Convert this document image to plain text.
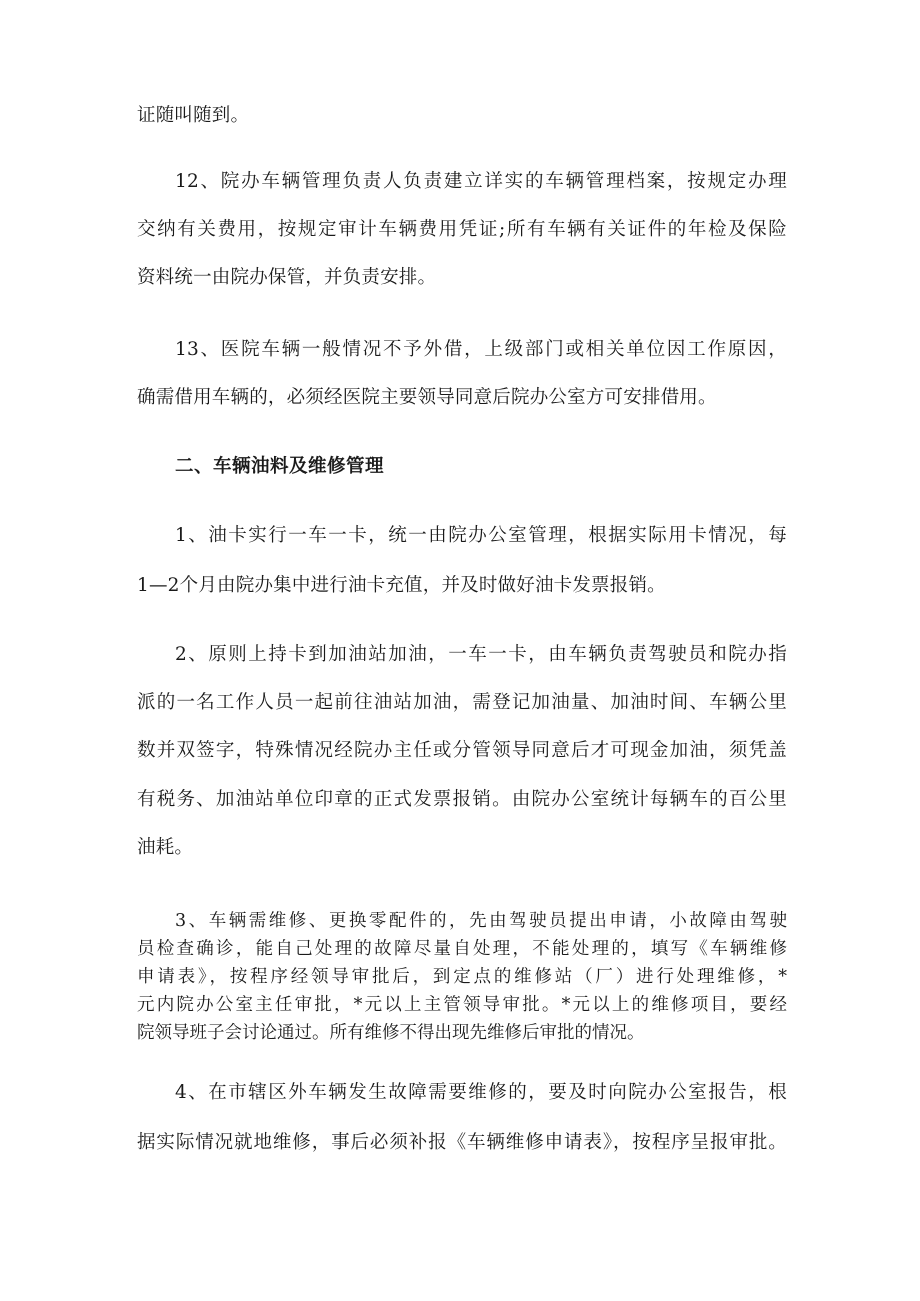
证随叫随到。
12、院办车辆管理负责人负责建立详实的车辆管理档案，按规定办理
交纳有关费用，按规定审计车辆费用凭证;所有车辆有关证件的年检及保险
资料统一由院办保管，并负责安排。
13、医院车辆一般情况不予外借，上级部门或相关单位因工作原因，
确需借用车辆的，必须经医院主要领导同意后院办公室方可安排借用。
二、车辆油料及维修管理
1、油卡实行一车一卡，统一由院办公室管理，根据实际用卡情况，每
1—2个月由院办集中进行油卡充值，并及时做好油卡发票报销。
2、原则上持卡到加油站加油，一车一卡，由车辆负责驾驶员和院办指
派的一名工作人员一起前往油站加油，需登记加油量、加油时间、车辆公里
数并双签字，特殊情况经院办主任或分管领导同意后才可现金加油，须凭盖
有税务、加油站单位印章的正式发票报销。由院办公室统计每辆车的百公里
油耗。
3、车辆需维修、更换零配件的，先由驾驶员提出申请，小故障由驾驶
员检查确诊，能自己处理的故障尽量自处理，不能处理的，填写《车辆维修
申请表》，按程序经领导审批后，到定点的维修站（厂）进行处理维修，*
元内院办公室主任审批，*元以上主管领导审批。*元以上的维修项目，要经
院领导班子会讨论通过。所有维修不得出现先维修后审批的情况。
4、在市辖区外车辆发生故障需要维修的，要及时向院办公室报告，根
据实际情况就地维修，事后必须补报《车辆维修申请表》，按程序呈报审批。
